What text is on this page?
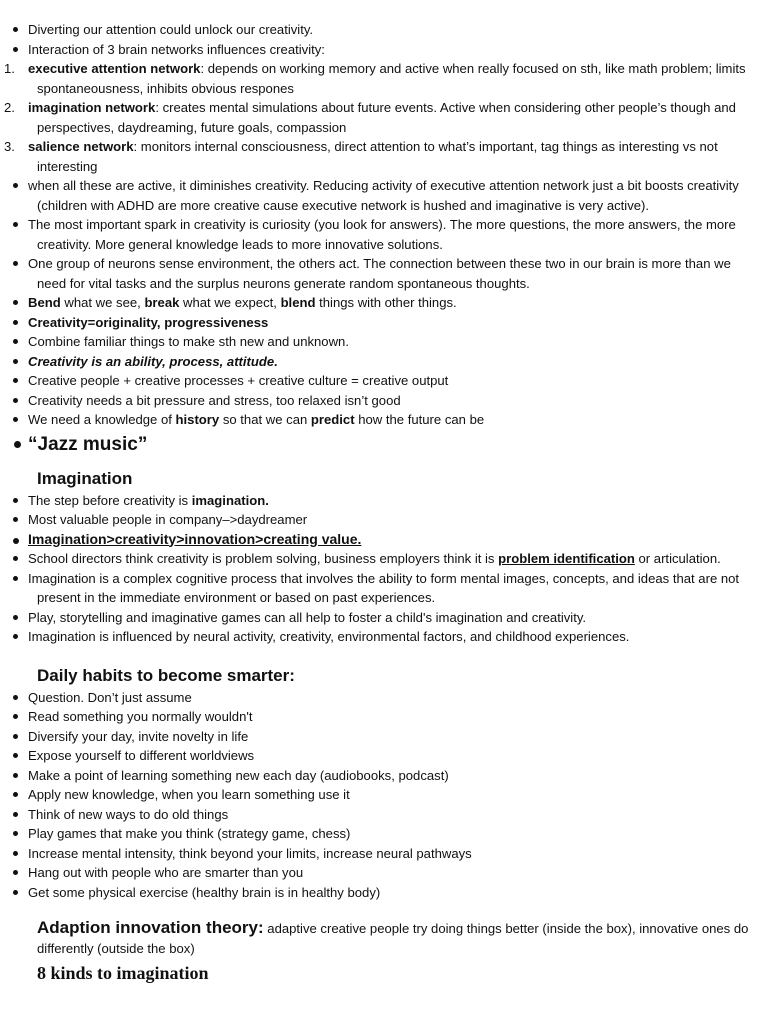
Diverting our attention could unlock our creativity.
Interaction of 3 brain networks influences creativity:
1. executive attention network: depends on working memory and active when really focused on sth, like math problem; limits spontaneousness, inhibits obvious respones
2. imagination network: creates mental simulations about future events. Active when considering other people’s though and perspectives, daydreaming, future goals, compassion
3. salience network: monitors internal consciousness, direct attention to what’s important, tag things as interesting vs not interesting
when all these are active, it diminishes creativity. Reducing activity of executive attention network just a bit boosts creativity (children with ADHD are more creative cause executive network is hushed and imaginative is very active).
The most important spark in creativity is curiosity (you look for answers). The more questions, the more answers, the more creativity. More general knowledge leads to more innovative solutions.
One group of neurons sense environment, the others act. The connection between these two in our brain is more than we need for vital tasks and the surplus neurons generate random spontaneous thoughts.
Bend what we see, break what we expect, blend things with other things.
Creativity=originality, progressiveness
Combine familiar things to make sth new and unknown.
Creativity is an ability, process, attitude.
Creative people + creative processes + creative culture = creative output
Creativity needs a bit pressure and stress, too relaxed isn’t good
We need a knowledge of history so that we can predict how the future can be
“Jazz music”
Imagination
The step before creativity is imagination.
Most valuable people in company–>daydreamer
Imagination>creativity>innovation>creating value.
School directors think creativity is problem solving, business employers think it is problem identification or articulation.
Imagination is a complex cognitive process that involves the ability to form mental images, concepts, and ideas that are not present in the immediate environment or based on past experiences.
Play, storytelling and imaginative games can all help to foster a child's imagination and creativity.
Imagination is influenced by neural activity, creativity, environmental factors, and childhood experiences.
Daily habits to become smarter:
Question. Don’t just assume
Read something you normally wouldn't
Diversify your day, invite novelty in life
Expose yourself to different worldviews
Make a point of learning something new each day (audiobooks, podcast)
Apply new knowledge, when you learn something use it
Think of new ways to do old things
Play games that make you think (strategy game, chess)
Increase mental intensity, think beyond your limits, increase neural pathways
Hang out with people who are smarter than you
Get some physical exercise (healthy brain is in healthy body)
Adaption innovation theory: adaptive creative people try doing things better (inside the box), innovative ones do differently (outside the box)
8 kinds to imagination
